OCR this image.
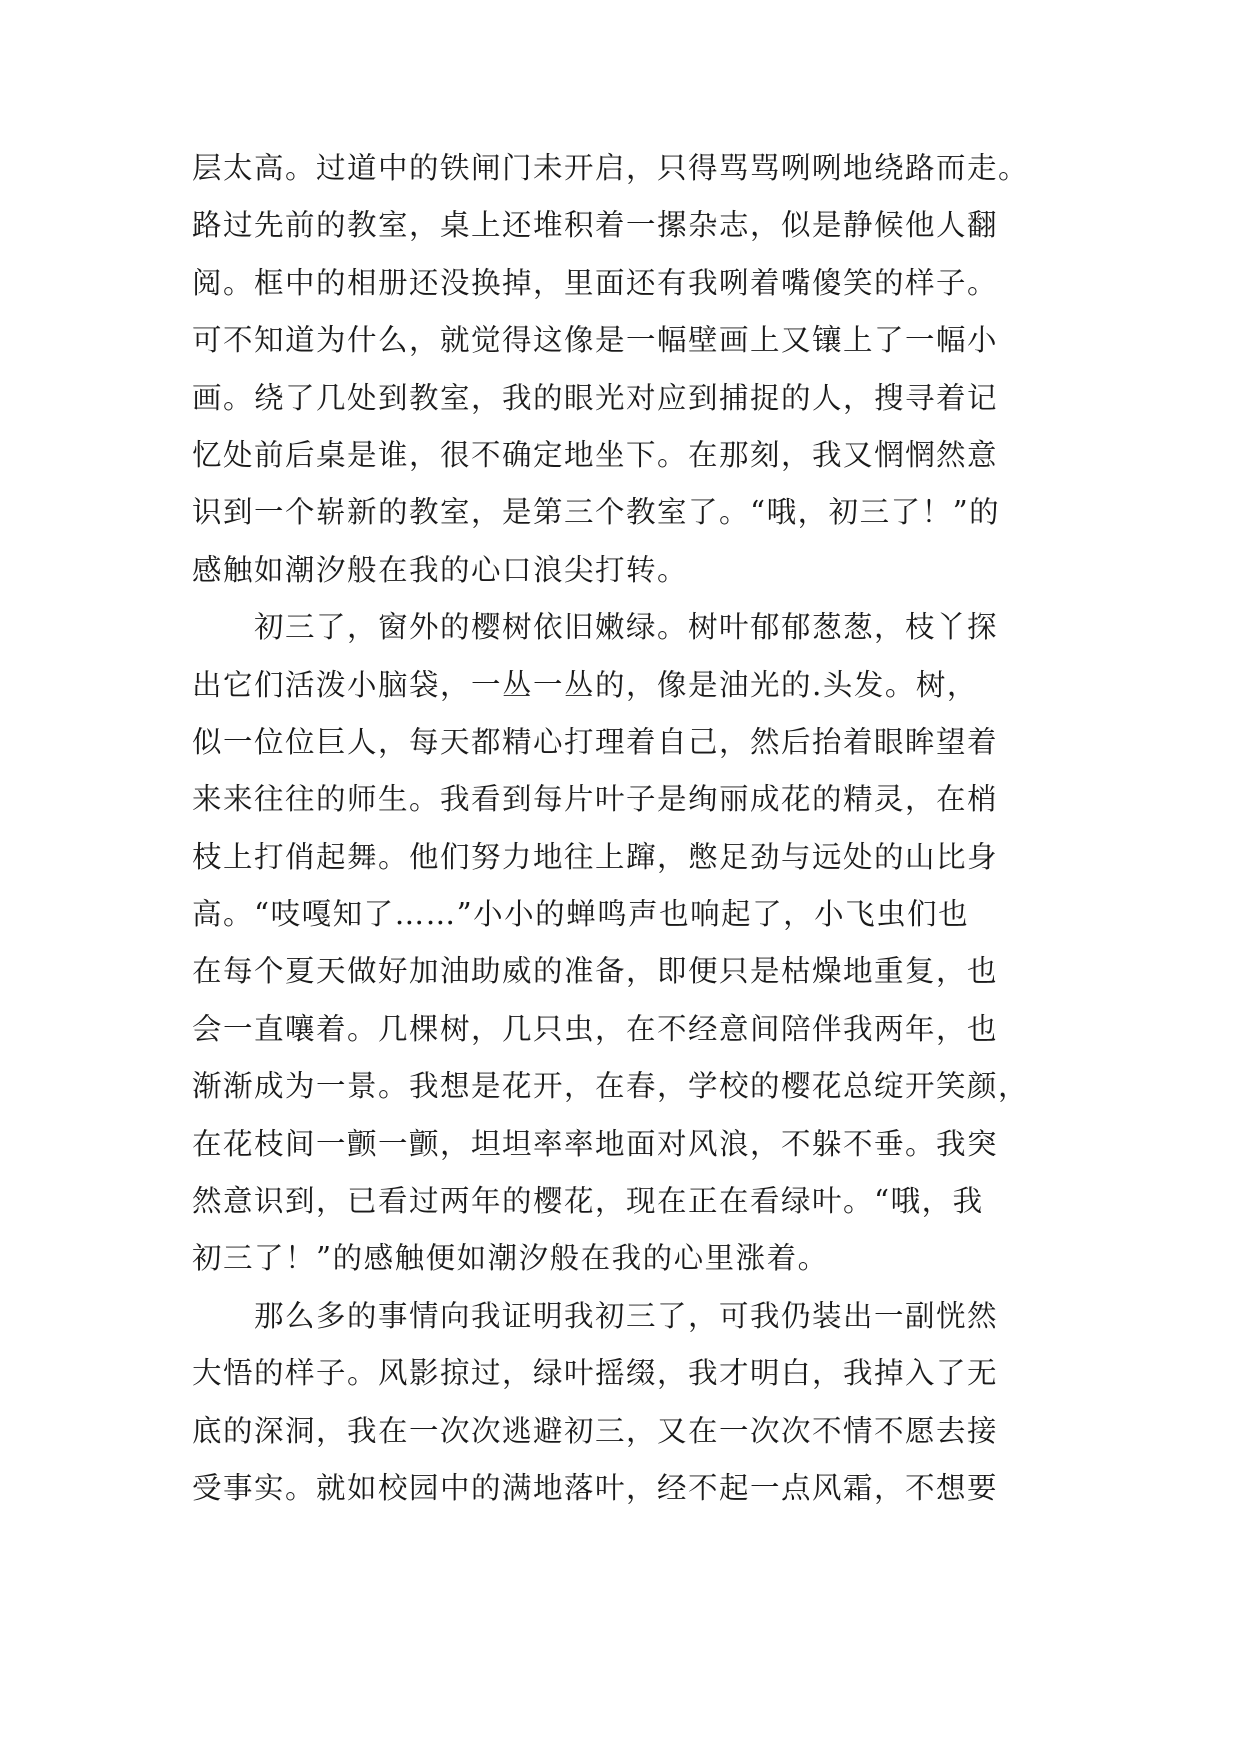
层太高。过道中的铁闸门未开启，只得骂骂咧咧地绕路而走。
路过先前的教室，桌上还堆积着一摞杂志，似是静候他人翻
阅。框中的相册还没换掉，里面还有我咧着嘴傻笑的样子。
可不知道为什么，就觉得这像是一幅壁画上又镶上了一幅小
画。绕了几处到教室，我的眼光对应到捕捉的人，搜寻着记
忆处前后桌是谁，很不确定地坐下。在那刻，我又惘惘然意
识到一个崭新的教室，是第三个教室了。“哦，初三了！”的
感触如潮汐般在我的心口浪尖打转。

初三了，窗外的樱树依旧嫩绿。树叶郁郁葱葱，枝丫探
出它们活泼小脑袋，一丛一丛的，像是油光的.头发。树，
似一位位巨人，每天都精心打理着自己，然后抬着眼眸望着
来来往往的师生。我看到每片叶子是绚丽成花的精灵，在梢
枝上打俏起舞。他们努力地往上蹿，憋足劲与远处的山比身
高。“吱嘎知了……”小小的蝉鸣声也响起了，小飞虫们也
在每个夏天做好加油助威的准备，即便只是枯燥地重复，也
会一直嚷着。几棵树，几只虫，在不经意间陪伴我两年，也
渐渐成为一景。我想是花开，在春，学校的樱花总绽开笑颜，
在花枝间一颤一颤，坦坦率率地面对风浪，不躲不垂。我突
然意识到，已看过两年的樱花，现在正在看绿叶。“哦，我
初三了！”的感触便如潮汐般在我的心里涨着。

那么多的事情向我证明我初三了，可我仍装出一副恍然
大悟的样子。风影掠过，绿叶摇缀，我才明白，我掉入了无
底的深洞，我在一次次逃避初三，又在一次次不情不愿去接
受事实。就如校园中的满地落叶，经不起一点风霜，不想要
